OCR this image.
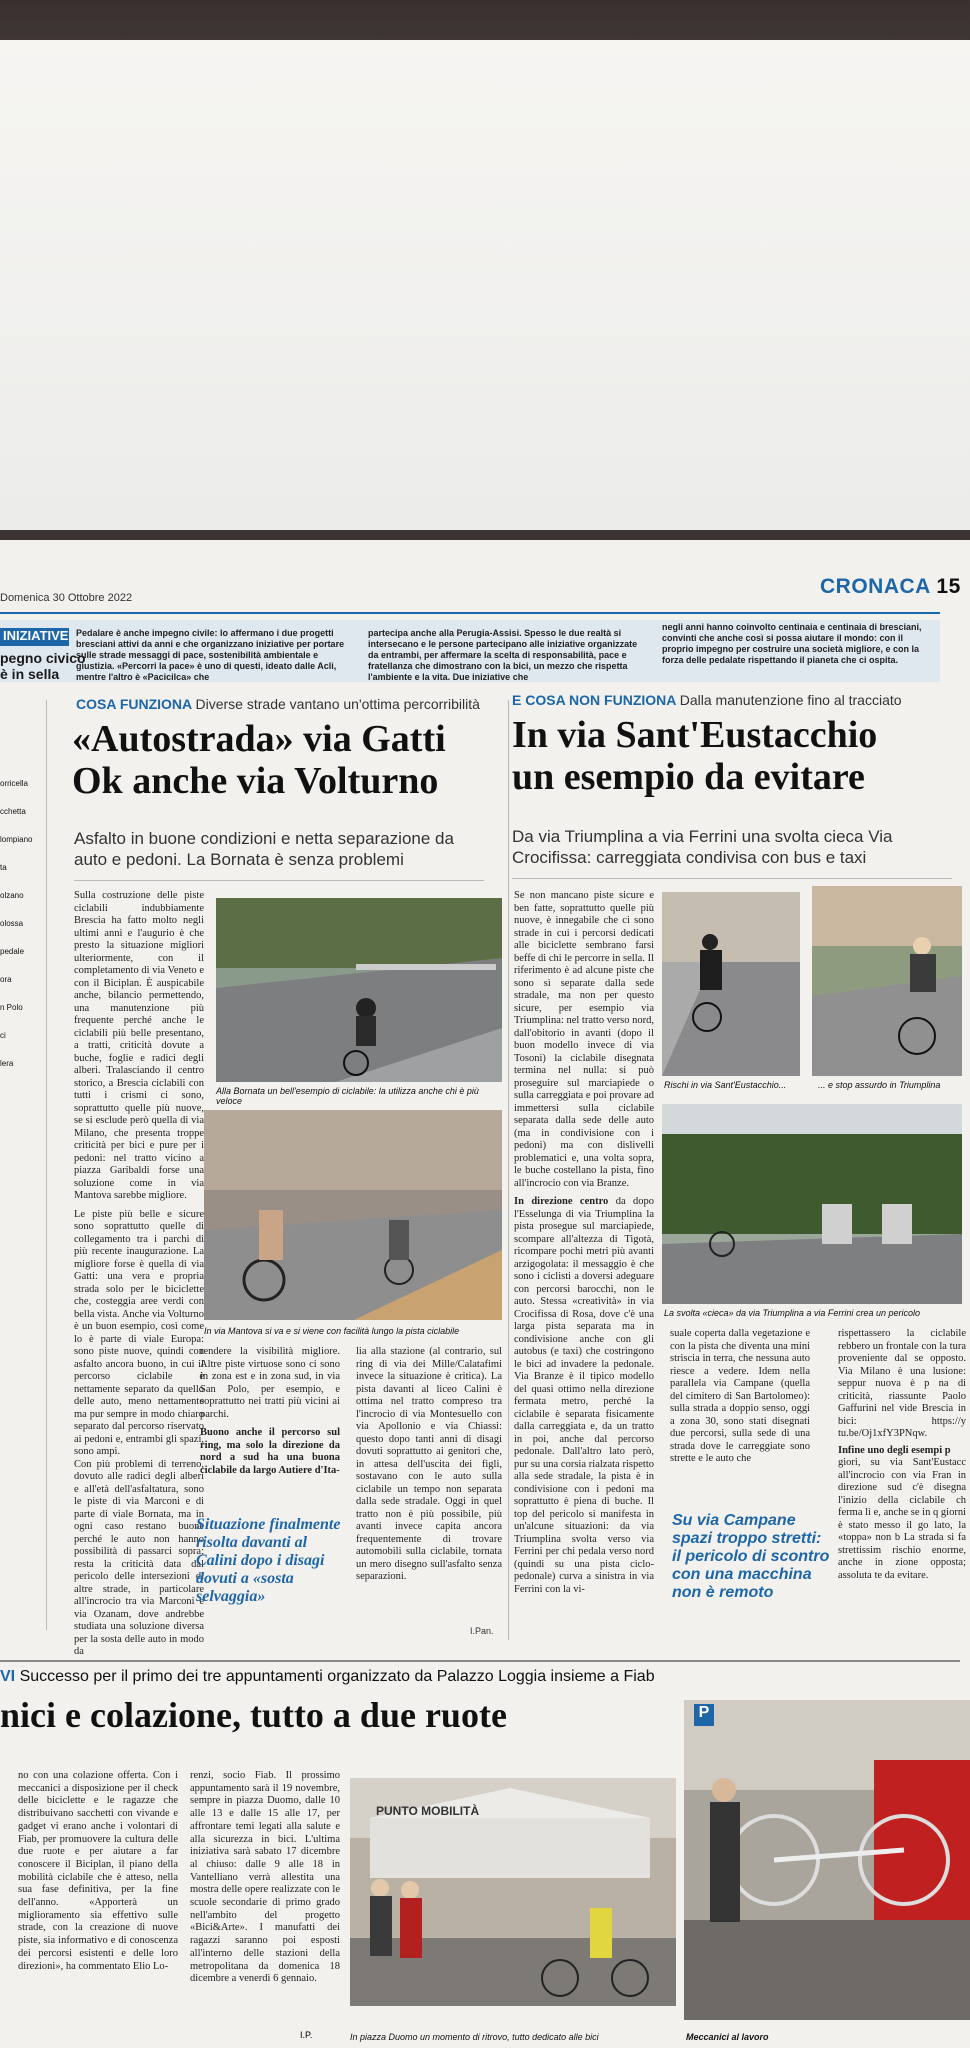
Domenica 30 Ottobre 2022	CRONACA 15
INIZIATIVE
pegno civico
è in sella
Pedalare è anche impegno civile: lo affermano i due progetti bresciani attivi da anni e che organizzano iniziative per portare sulle strade messaggi di pace, sostenibilità ambientale e giustizia. «Percorri la pace» è uno di questi, ideato dalle Acli, mentre l'altro è «Pacicilca» che
partecipa anche alla Perugia-Assisi. Spesso le due realtà si intersecano e le persone partecipano alle iniziative organizzate da entrambi, per affermare la scelta di responsabilità, pace e fratellanza che dimostrano con la bici, un mezzo che rispetta l'ambiente e la vita. Due iniziative che
negli anni hanno coinvolto centinaia e centinaia di bresciani, convinti che anche così si possa aiutare il mondo: con il proprio impegno per costruire una società migliore, e con la forza delle pedalate rispettando il pianeta che ci ospita.
orricella
cchetta
lompiano
ta
olzano
olossa
pedale
ora
n Polo
ci
lera
COSA FUNZIONA Diverse strade vantano un'ottima percorribilità
«Autostrada» via Gatti
Ok anche via Volturno
Asfalto in buone condizioni e netta separazione da auto e pedoni. La Bornata è senza problemi
Sulla costruzione delle piste ciclabili indubbiamente Brescia ha fatto molto negli ultimi anni e l'augurio è che presto la situazione migliori ulteriormente, con il completamento di via Veneto e con il Biciplan. È auspicabile anche, bilancio permettendo, una manutenzione più frequente perché anche le ciclabili più belle presentano, a tratti, criticità dovute a buche, foglie e radici degli alberi. Tralasciando il centro storico, a Brescia ciclabili con tutti i crismi ci sono, soprattutto quelle più nuove, se si esclude però quella di via Milano, che presenta troppe criticità per bici e pure per i pedoni: nel tratto vicino a piazza Garibaldi forse una soluzione come in via Mantova sarebbe migliore.
Le piste più belle e sicure sono soprattutto quelle di collegamento tra i parchi di più recente inaugurazione. La migliore forse è quella di via Gatti: una vera e propria strada solo per le biciclette che, costeggia aree verdi con bella vista. Anche via Volturno è un buon esempio, così come lo è parte di viale Europa: sono piste nuove, quindi con asfalto ancora buono, in cui il percorso ciclabile è nettamente separato da quello delle auto, meno nettamente ma pur sempre in modo chiaro separato dal percorso riservato ai pedoni e, entrambi gli spazi, sono ampi.
Con più problemi di terreno, dovuto alle radici degli alberi e all'età dell'asfaltatura, sono le piste di via Marconi e di parte di viale Bornata, ma in ogni caso restano buone perché le auto non hanno possibilità di passarci sopra; resta la criticità data dal pericolo delle intersezioni di altre strade, in particolare all'incrocio tra via Marconi e via Ozanam, dove andrebbe studiata una soluzione diversa per la sosta delle auto in modo da
Alla Bornata un bell'esempio di ciclabile: la utilizza anche chi è più veloce
In via Mantova si va e si viene con facilità lungo la pista ciclabile
rendere la visibilità migliore. Altre piste virtuose sono ci sono in zona est e in zona sud, in via San Polo, per esempio, e soprattutto nei tratti più vicini ai parchi.
Buono anche il percorso sul ring, ma solo la direzione da nord a sud ha una buona ciclabile da largo Autiere d'Ita-
Situazione finalmente risolta davanti al Calini dopo i disagi dovuti a «sosta selvaggia»
lia alla stazione (al contrario, sul ring di via dei Mille/Calatafimi invece la situazione è critica). La pista davanti al liceo Calini è ottima nel tratto compreso tra l'incrocio di via Montesuello con via Apollonio e via Chiassi: questo dopo tanti anni di disagi dovuti soprattutto ai genitori che, in attesa dell'uscita dei figli, sostavano con le auto sulla ciclabile un tempo non separata dalla sede stradale. Oggi in quel tratto non è più possibile, più avanti invece capita ancora frequentemente di trovare automobili sulla ciclabile, tornata un mero disegno sull'asfalto senza separazioni.
I.Pan.
E COSA NON FUNZIONA Dalla manutenzione fino al tracciato
In via Sant'Eustacchio
un esempio da evitare
Da via Triumplina a via Ferrini una svolta cieca Via Crocifissa: carreggiata condivisa con bus e taxi
Se non mancano piste sicure e ben fatte, soprattutto quelle più nuove, è innegabile che ci sono strade in cui i percorsi dedicati alle biciclette sembrano farsi beffe di chi le percorre in sella. Il riferimento è ad alcune piste che sono sì separate dalla sede stradale, ma non per questo sicure, per esempio via Triumplina: nel tratto verso nord, dall'obitorio in avanti (dopo il buon modello invece di via Tosoni) la ciclabile disegnata termina nel nulla: si può proseguire sul marciapiede o sulla carreggiata e poi provare ad immettersi sulla ciclabile separata dalla sede delle auto (ma in condivisione con i pedoni) ma con dislivelli problematici e, una volta sopra, le buche costellano la pista, fino all'incrocio con via Branze.
In direzione centro da dopo l'Esselunga di via Triumplina la pista prosegue sul marciapiede, scompare all'altezza di Tigotà, ricompare pochi metri più avanti arzigogolata: il messaggio è che sono i ciclisti a doversi adeguare con percorsi barocchi, non le auto. Stessa «creatività» in via Crocifissa di Rosa, dove c'è una larga pista separata ma in condivisione anche con gli autobus (e taxi) che costringono le bici ad invadere la pedonale. Via Branze è il tipico modello del quasi ottimo nella direzione fermata metro, perché la ciclabile è separata fisicamente dalla carreggiata e, da un tratto in poi, anche dal percorso pedonale. Dall'altro lato però, pur su una corsia rialzata rispetto alla sede stradale, la pista è in condivisione con i pedoni ma soprattutto è piena di buche. Il top del pericolo si manifesta in un'alcune situazioni: da via Triumplina svolta verso via Ferrini per chi pedala verso nord (quindi su una pista ciclo-pedonale) curva a sinistra in via Ferrini con la vi-
Rischi in via Sant'Eustacchio...	... e stop assurdo in Triumplina
La svolta «cieca» da via Triumplina a via Ferrini crea un pericolo
suale coperta dalla vegetazione e con la pista che diventa una mini striscia in terra, che nessuna auto riesce a vedere. Idem nella parallela via Campane (quella del cimitero di San Bartolomeo): sulla strada a doppio senso, oggi a zona 30, sono stati disegnati due percorsi, sulla sede di una strada dove le carreggiate sono strette e le auto che
Su via Campane spazi troppo stretti: il pericolo di scontro con una macchina non è remoto
rispettassero la ciclabile rebbero un frontale con la tura proveniente dal se opposto. Via Milano è una lusione: seppur nuova è p na di criticità, riassunte Paolo Gaffurini nel vide Brescia in bici: https://y tu.be/Oj1xfY3PNqw.
Infine uno degli esempi p
giori, su via Sant'Eustacc all'incrocio con via Fran in direzione sud c'è disegna l'inizio della ciclabile ch ferma lì e, anche se in q giorni è stato messo il go lato, la «toppa» non b La strada si fa strettissim rischio enorme, anche in zione opposta; assoluta te da evitare.
VI Successo per il primo dei tre appuntamenti organizzato da Palazzo Loggia insieme a Fiab
nici e colazione, tutto a due ruote
no con una colazione offerta. Con i meccanici a disposizione per il check delle biciclette e le ragazze che distribuivano sacchetti con vivande e gadget vi erano anche i volontari di Fiab, per promuovere la cultura delle due ruote e per aiutare a far conoscere il Biciplan, il piano della mobilità ciclabile che è atteso, nella sua fase definitiva, per la fine dell'anno. «Apporterà un miglioramento sia effettivo sulle strade, con la creazione di nuove piste, sia informativo e di conoscenza dei percorsi esistenti e delle loro direzioni», ha commentato Elio Lo-
renzi, socio Fiab. Il prossimo appuntamento sarà il 19 novembre, sempre in piazza Duomo, dalle 10 alle 13 e dalle 15 alle 17, per affrontare temi legati alla salute e alla sicurezza in bici. L'ultima iniziativa sarà sabato 17 dicembre al chiuso: dalle 9 alle 18 in Vantelliano verrà allestita una mostra delle opere realizzate con le scuole secondarie di primo grado nell'ambito del progetto «Bici&Arte». I manufatti dei ragazzi saranno poi esposti all'interno delle stazioni della metropolitana da domenica 18 dicembre a venerdì 6 gennaio.
I.P.
PUNTO MOBILITÀ
In piazza Duomo un momento di ritrovo, tutto dedicato alle bici
P
Meccanici al lavoro
